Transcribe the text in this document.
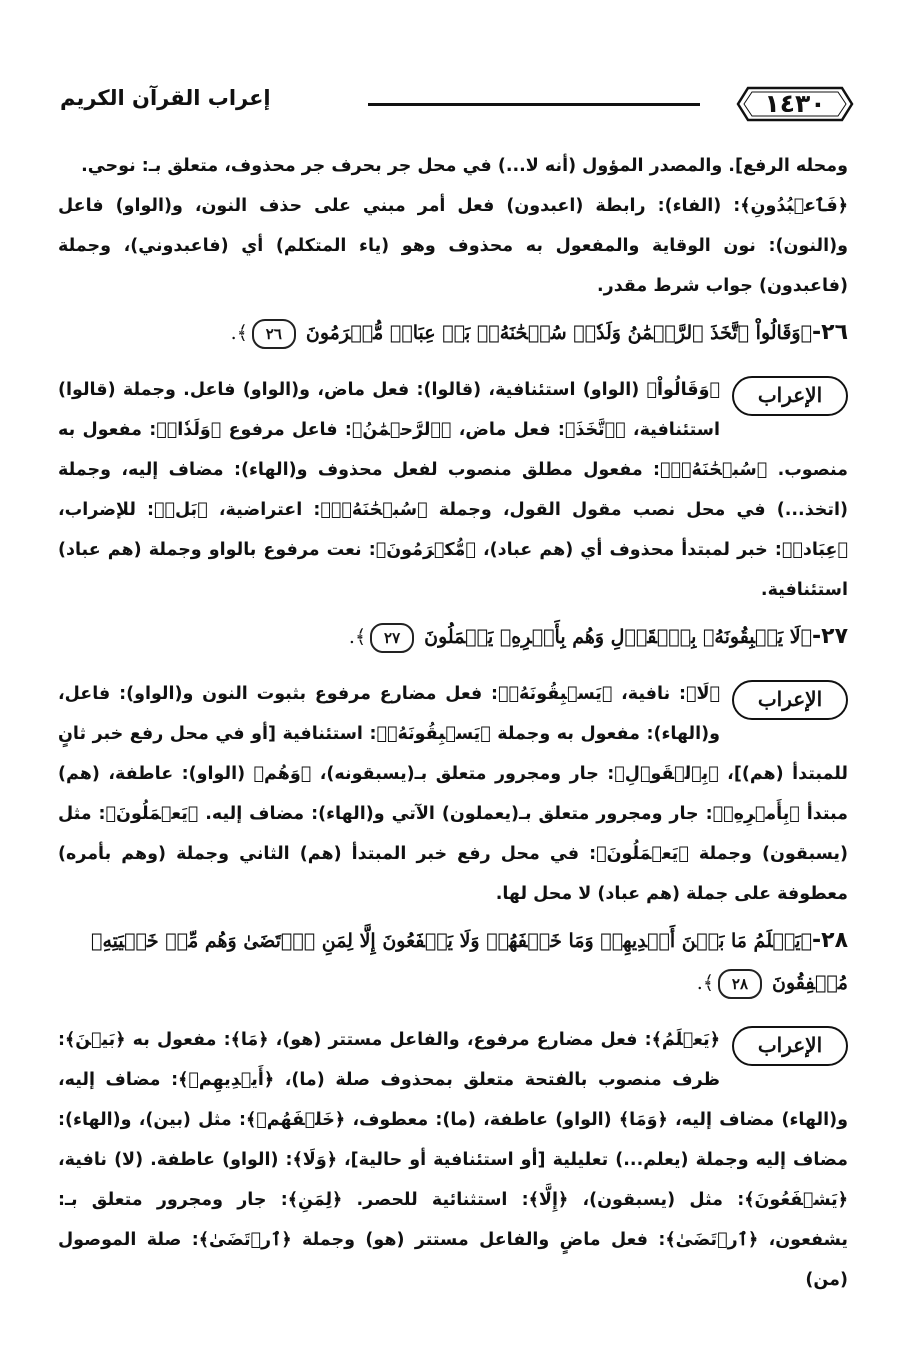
١٤٣٠
إعراب القرآن الكريم

ومحله الرفع]. والمصدر المؤول (أنه لا...) في محل جر بحرف جر محذوف، متعلق بـ: نوحي.

﴿فَٱعۡبُدُونِ﴾: (الفاء): رابطة (اعبدون) فعل أمر مبني على حذف النون، و(الواو) فاعل و(النون): نون الوقاية والمفعول به محذوف وهو (ياء المتكلم) أي (فاعبدوني)، وجملة (فاعبدون) جواب شرط مقدر.

٢٦-﴿وَقَالُواْ ٱتَّخَذَ ٱلرَّحۡمَٰنُ وَلَدٗاۗ سُبۡحَٰنَهُۥۚ بَلۡ عِبَادٞ مُّكۡرَمُونَ ٢٦﴾.

الإعراب

﴿وَقَالُواْ﴾ (الواو) استئنافية، (قالوا): فعل ماض، و(الواو) فاعل. وجملة (قالوا) استئنافية، ﴿ٱتَّخَذَ﴾: فعل ماض، ﴿ٱلرَّحۡمَٰنُ﴾: فاعل مرفوع ﴿وَلَدٗاۗ﴾: مفعول به منصوب. ﴿سُبۡحَٰنَهُۥۚ﴾: مفعول مطلق منصوب لفعل محذوف و(الهاء): مضاف إليه، وجملة (اتخذ...) في محل نصب مقول القول، وجملة ﴿سُبۡحَٰنَهُۥۚ﴾: اعتراضية، ﴿بَلۡ﴾: للإضراب، ﴿عِبَادٞ﴾: خبر لمبتدأ محذوف أي (هم عباد)، ﴿مُّكۡرَمُونَ﴾: نعت مرفوع بالواو وجملة (هم عباد) استئنافية.

٢٧-﴿لَا يَسۡبِقُونَهُۥ بِٱلۡقَوۡلِ وَهُم بِأَمۡرِهِۦ يَعۡمَلُونَ ٢٧﴾.

الإعراب

﴿لَا﴾: نافية، ﴿يَسۡبِقُونَهُۥ﴾: فعل مضارع مرفوع بثبوت النون و(الواو): فاعل، و(الهاء): مفعول به وجملة ﴿يَسۡبِقُونَهُۥ﴾: استئنافية [أو في محل رفع خبر ثانٍ للمبتدأ (هم)]، ﴿بِٱلۡقَوۡلِ﴾: جار ومجرور متعلق بـ(يسبقونه)، ﴿وَهُم﴾ (الواو): عاطفة، (هم) مبتدأ ﴿بِأَمۡرِهِۦ﴾: جار ومجرور متعلق بـ(يعملون) الآتي و(الهاء): مضاف إليه. ﴿يَعۡمَلُونَ﴾: مثل (يسبقون) وجملة ﴿يَعۡمَلُونَ﴾: في محل رفع خبر المبتدأ (هم) الثاني وجملة (وهم بأمره) معطوفة على جملة (هم عباد) لا محل لها.

٢٨-﴿يَعۡلَمُ مَا بَيۡنَ أَيۡدِيهِمۡ وَمَا خَلۡفَهُمۡ وَلَا يَشۡفَعُونَ إِلَّا لِمَنِ ٱرۡتَضَىٰ وَهُم مِّنۡ خَشۡيَتِهِۦ مُشۡفِقُونَ ٢٨﴾.

الإعراب

﴿يَعۡلَمُ﴾: فعل مضارع مرفوع، والفاعل مستتر (هو)، ﴿مَا﴾: مفعول به ﴿بَيۡنَ﴾: ظرف منصوب بالفتحة متعلق بمحذوف صلة (ما)، ﴿أَيۡدِيهِمۡ﴾: مضاف إليه، و(الهاء) مضاف إليه، ﴿وَمَا﴾ (الواو) عاطفة، (ما): معطوف، ﴿خَلۡفَهُمۡ﴾: مثل (بين)، و(الهاء): مضاف إليه وجملة (يعلم...) تعليلية [أو استئنافية أو حالية]، ﴿وَلَا﴾: (الواو) عاطفة. (لا) نافية، ﴿يَشۡفَعُونَ﴾: مثل (يسبقون)، ﴿إِلَّا﴾: استثنائية للحصر. ﴿لِمَنِ﴾: جار ومجرور متعلق بـ: يشفعون، ﴿ٱرۡتَضَىٰ﴾: فعل ماضٍ والفاعل مستتر (هو) وجملة ﴿ٱرۡتَضَىٰ﴾: صلة الموصول (من)
